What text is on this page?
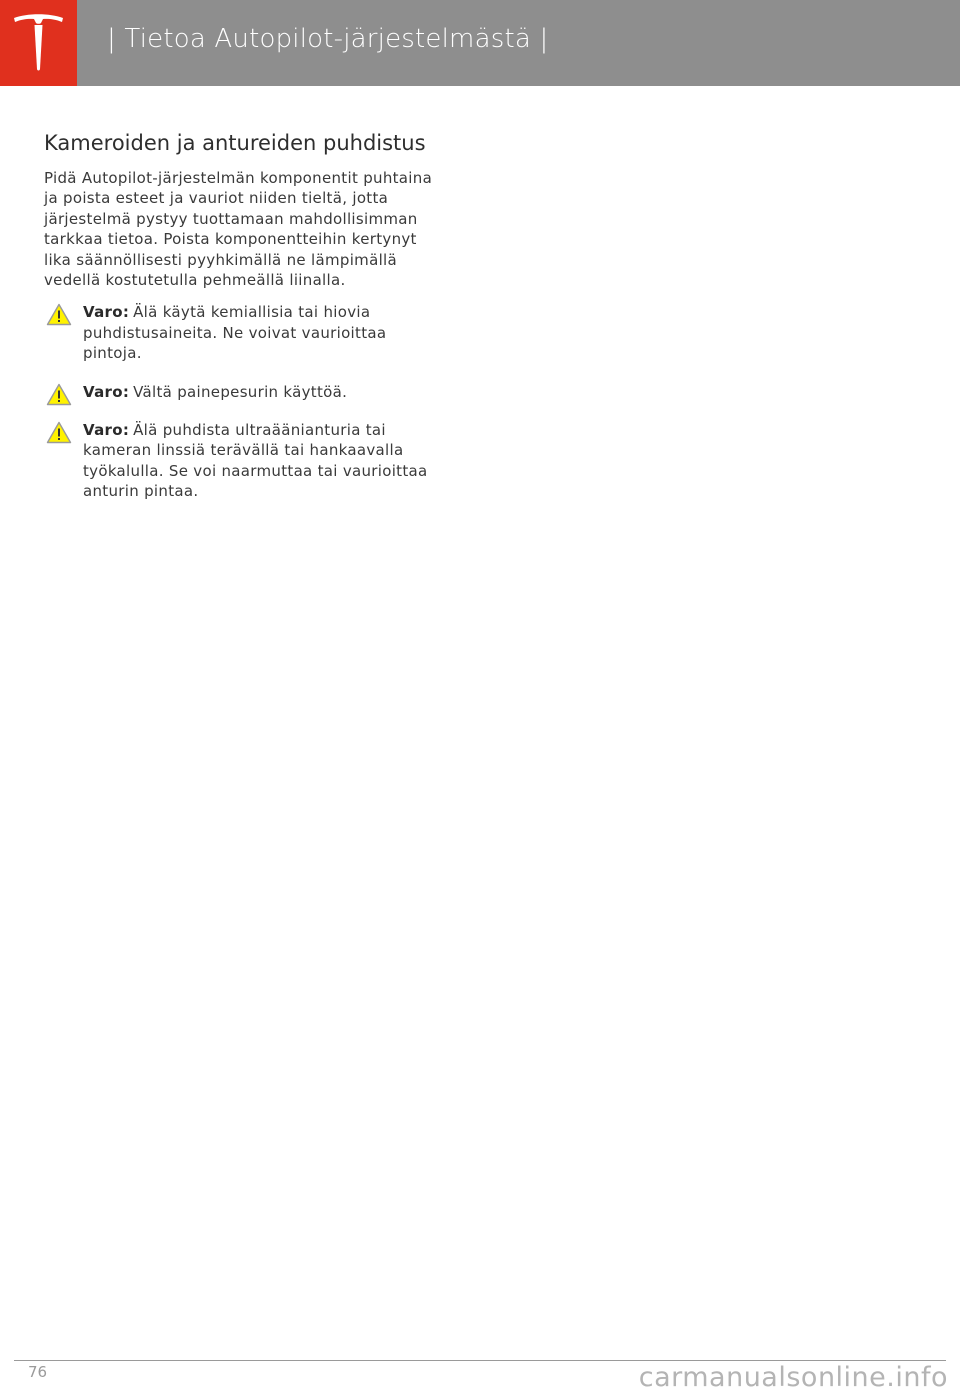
| Tietoa Autopilot-järjestelmästä |
Kameroiden ja antureiden puhdistus

Pidä Autopilot-järjestelmän komponentit puhtaina ja poista esteet ja vauriot niiden tieltä, jotta järjestelmä pystyy tuottamaan mahdollisimman tarkkaa tietoa. Poista komponentteihin kertynyt lika säännöllisesti pyyhkimällä ne lämpimällä vedellä kostutetulla pehmeällä liinalla.

Varo: Älä käytä kemiallisia tai hiovia puhdistusaineita. Ne voivat vaurioittaa pintoja.
Varo: Vältä painepesurin käyttöä.
Varo: Älä puhdista ultraäänianturia tai kameran linssiä terävällä tai hankaavalla työkalulla. Se voi naarmuttaa tai vaurioittaa anturin pintaa.
76	carmanualsonline.info
